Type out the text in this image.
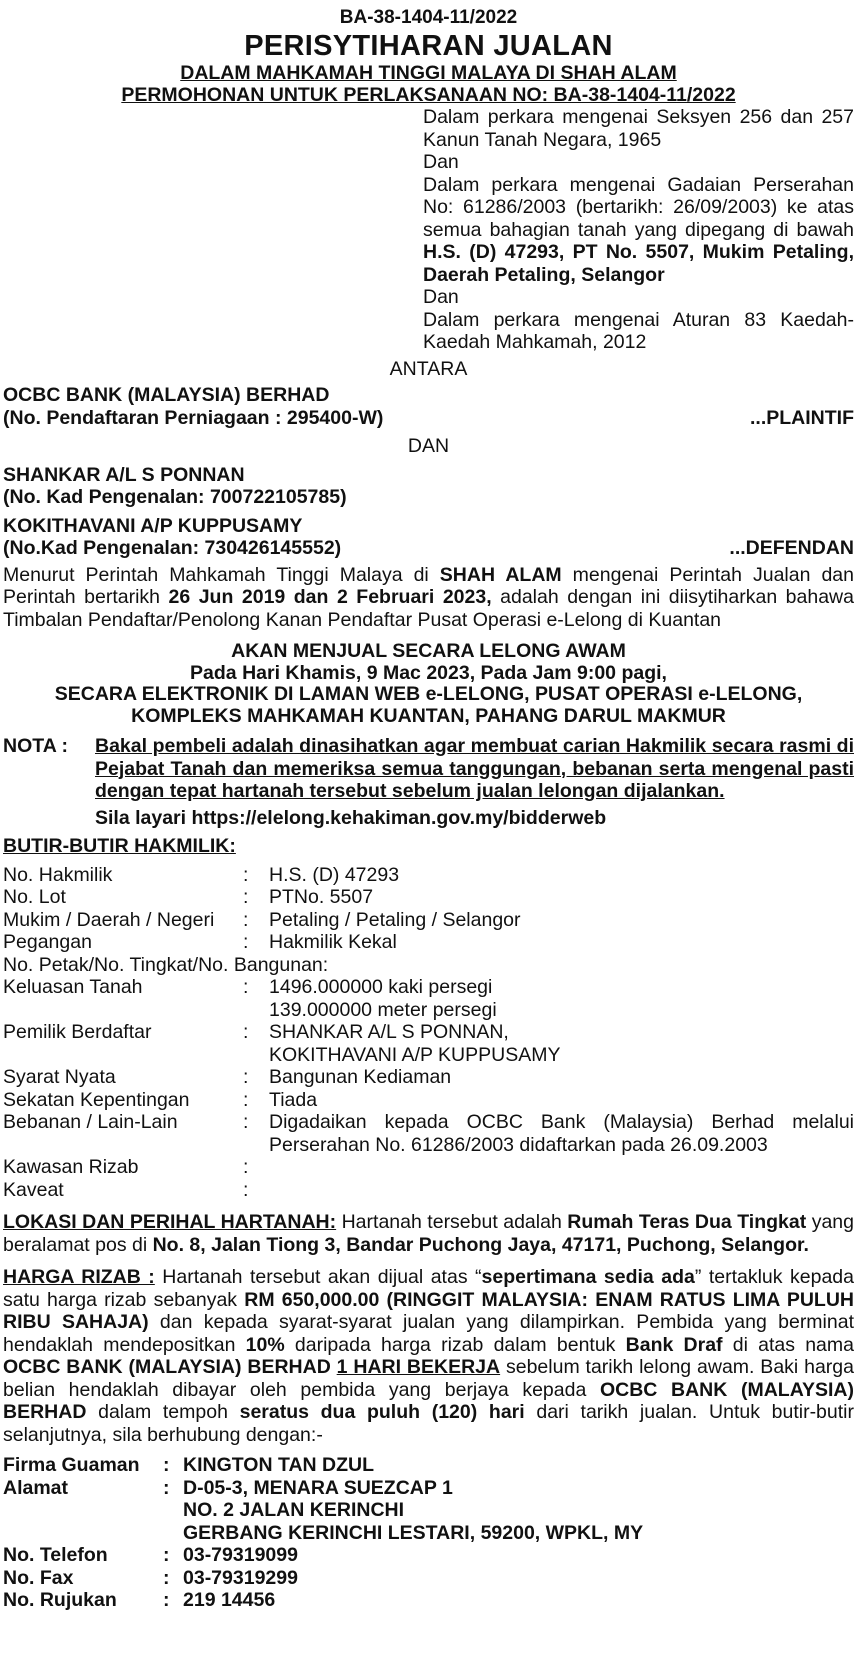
BA-38-1404-11/2022
PERISYTIHARAN JUALAN
DALAM MAHKAMAH TINGGI MALAYA DI SHAH ALAM
PERMOHONAN UNTUK PERLAKSANAAN NO: BA-38-1404-11/2022
Dalam perkara mengenai Seksyen 256 dan 257 Kanun Tanah Negara, 1965
Dan
Dalam perkara mengenai Gadaian Perserahan No: 61286/2003 (bertarikh: 26/09/2003) ke atas semua bahagian tanah yang dipegang di bawah H.S. (D) 47293, PT No. 5507, Mukim Petaling, Daerah Petaling, Selangor
Dan
Dalam perkara mengenai Aturan 83 Kaedah-Kaedah Mahkamah, 2012
ANTARA
OCBC BANK (MALAYSIA) BERHAD
(No. Pendaftaran Perniagaan : 295400-W)	...PLAINTIF
DAN
SHANKAR A/L S PONNAN
(No. Kad Pengenalan: 700722105785)
KOKITHAVANI A/P KUPPUSAMY
(No.Kad Pengenalan: 730426145552)	...DEFENDAN
Menurut Perintah Mahkamah Tinggi Malaya di SHAH ALAM mengenai Perintah Jualan dan Perintah bertarikh 26 Jun 2019 dan 2 Februari 2023, adalah dengan ini diisytiharkan bahawa Timbalan Pendaftar/Penolong Kanan Pendaftar Pusat Operasi e-Lelong di Kuantan
AKAN MENJUAL SECARA LELONG AWAM
Pada Hari Khamis, 9 Mac 2023, Pada Jam 9:00 pagi,
SECARA ELEKTRONIK DI LAMAN WEB e-LELONG, PUSAT OPERASI e-LELONG,
KOMPLEKS MAHKAMAH KUANTAN, PAHANG DARUL MAKMUR
NOTA :	Bakal pembeli adalah dinasihatkan agar membuat carian Hakmilik secara rasmi di Pejabat Tanah dan memeriksa semua tanggungan, bebanan serta mengenal pasti dengan tepat hartanah tersebut sebelum jualan lelongan dijalankan.
Sila layari https://elelong.kehakiman.gov.my/bidderweb
BUTIR-BUTIR HAKMILIK:
No. Hakmilik	:	H.S. (D) 47293
No. Lot	:	PTNo. 5507
Mukim / Daerah / Negeri	:	Petaling / Petaling / Selangor
Pegangan	:	Hakmilik Kekal
No. Petak/No. Tingkat/No. Bangunan:
Keluasan Tanah	:	1496.000000 kaki persegi
139.000000 meter persegi
Pemilik Berdaftar	:	SHANKAR A/L S PONNAN,
KOKITHAVANI A/P KUPPUSAMY
Syarat Nyata	:	Bangunan Kediaman
Sekatan Kepentingan	:	Tiada
Bebanan / Lain-Lain	:	Digadaikan kepada OCBC Bank (Malaysia) Berhad melalui Perserahan No. 61286/2003 didaftarkan pada 26.09.2003
Kawasan Rizab	:
Kaveat	:
LOKASI DAN PERIHAL HARTANAH: Hartanah tersebut adalah Rumah Teras Dua Tingkat yang beralamat pos di No. 8, Jalan Tiong 3, Bandar Puchong Jaya, 47171, Puchong, Selangor.
HARGA RIZAB : Hartanah tersebut akan dijual atas “sepertimana sedia ada” tertakluk kepada satu harga rizab sebanyak RM 650,000.00 (RINGGIT MALAYSIA: ENAM RATUS LIMA PULUH RIBU SAHAJA) dan kepada syarat-syarat jualan yang dilampirkan. Pembida yang berminat hendaklah mendepositkan 10% daripada harga rizab dalam bentuk Bank Draf di atas nama OCBC BANK (MALAYSIA) BERHAD 1 HARI BEKERJA sebelum tarikh lelong awam. Baki harga belian hendaklah dibayar oleh pembida yang berjaya kepada OCBC BANK (MALAYSIA) BERHAD dalam tempoh seratus dua puluh (120) hari dari tarikh jualan. Untuk butir-butir selanjutnya, sila berhubung dengan:-
Firma Guaman	: KINGTON TAN DZUL
Alamat	: D-05-3, MENARA SUEZCAP 1
NO. 2 JALAN KERINCHI
GERBANG KERINCHI LESTARI, 59200, WPKL, MY
No. Telefon	: 03-79319099
No. Fax	: 03-79319299
No. Rujukan	: 219 14456
